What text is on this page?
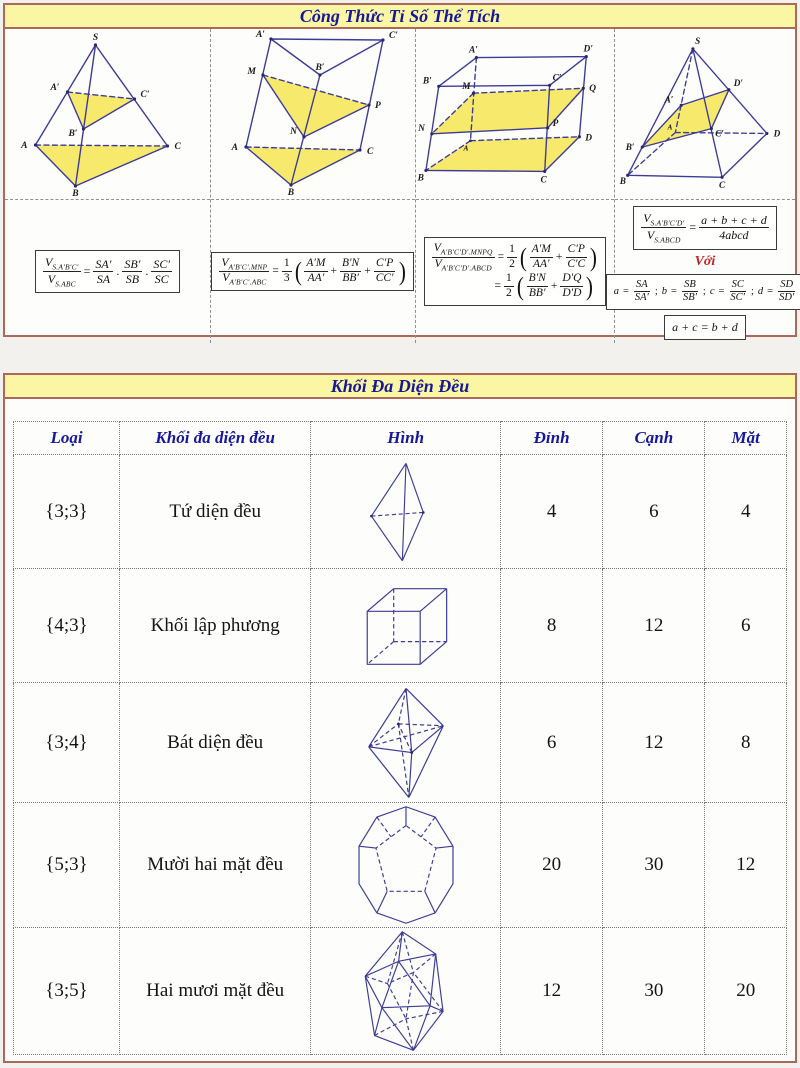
Công Thức Tỉ Số Thể Tích
S
A′
C′
B′
A	C
B
$V_{S.A'B'C'}$
$V_{S.ABC}$
= $\frac{SA'}{SA}$ .
SB′
SB
.
SC′
SC
A′	C′
B′
M
P
N
A	C
B
$V_{A'B'C'.MNP}$
$V_{A'B'C'.ABC}$
= $\frac{1}{3}$ ( A′M
AA′
+ $\frac{B'N}{BB'} + \frac{C'P}{CC'}$ )
A′	D′
B′	C′
Q
M
N	P
A
D
B	C
$V_{A'B'C'D'.MNPQ}$
$V_{A'B'C'D'.ABCD}$
= $\frac{1}{2}$ ( A′M
AA′
+ $\frac{C'P}{C'C}$ )
= $\frac{1}{2}$ ( B′N
BB′
+ $\frac{D'Q}{D'D}$ )
S
D′
A′
C′	D
B′
A
B	C
$V_{S.A'B'C'D'}$
$V_{S.ABCD}$
=
a + b + c + d
4abcd
Với
$a = \frac{SA}{SA'}$ ; $b = \frac{SB}{SB'}$ ; $c = \frac{SC}{SC'}$ ; $d = \frac{SD}{SD'}$
a + c = b + d
Khối Đa Diện Đều
Loại	Khối đa diện đều	Hình	Đỉnh	Cạnh	Mặt
{3;3}	Tứ diện đều		4	6	4
{4;3}	Khối lập phương		8	12	6
{3;4}	Bát diện đều		6	12	8
{5;3}	Mười hai mặt đều		20	30	12
{3;5}	Hai mươi mặt đều		12	30	20
